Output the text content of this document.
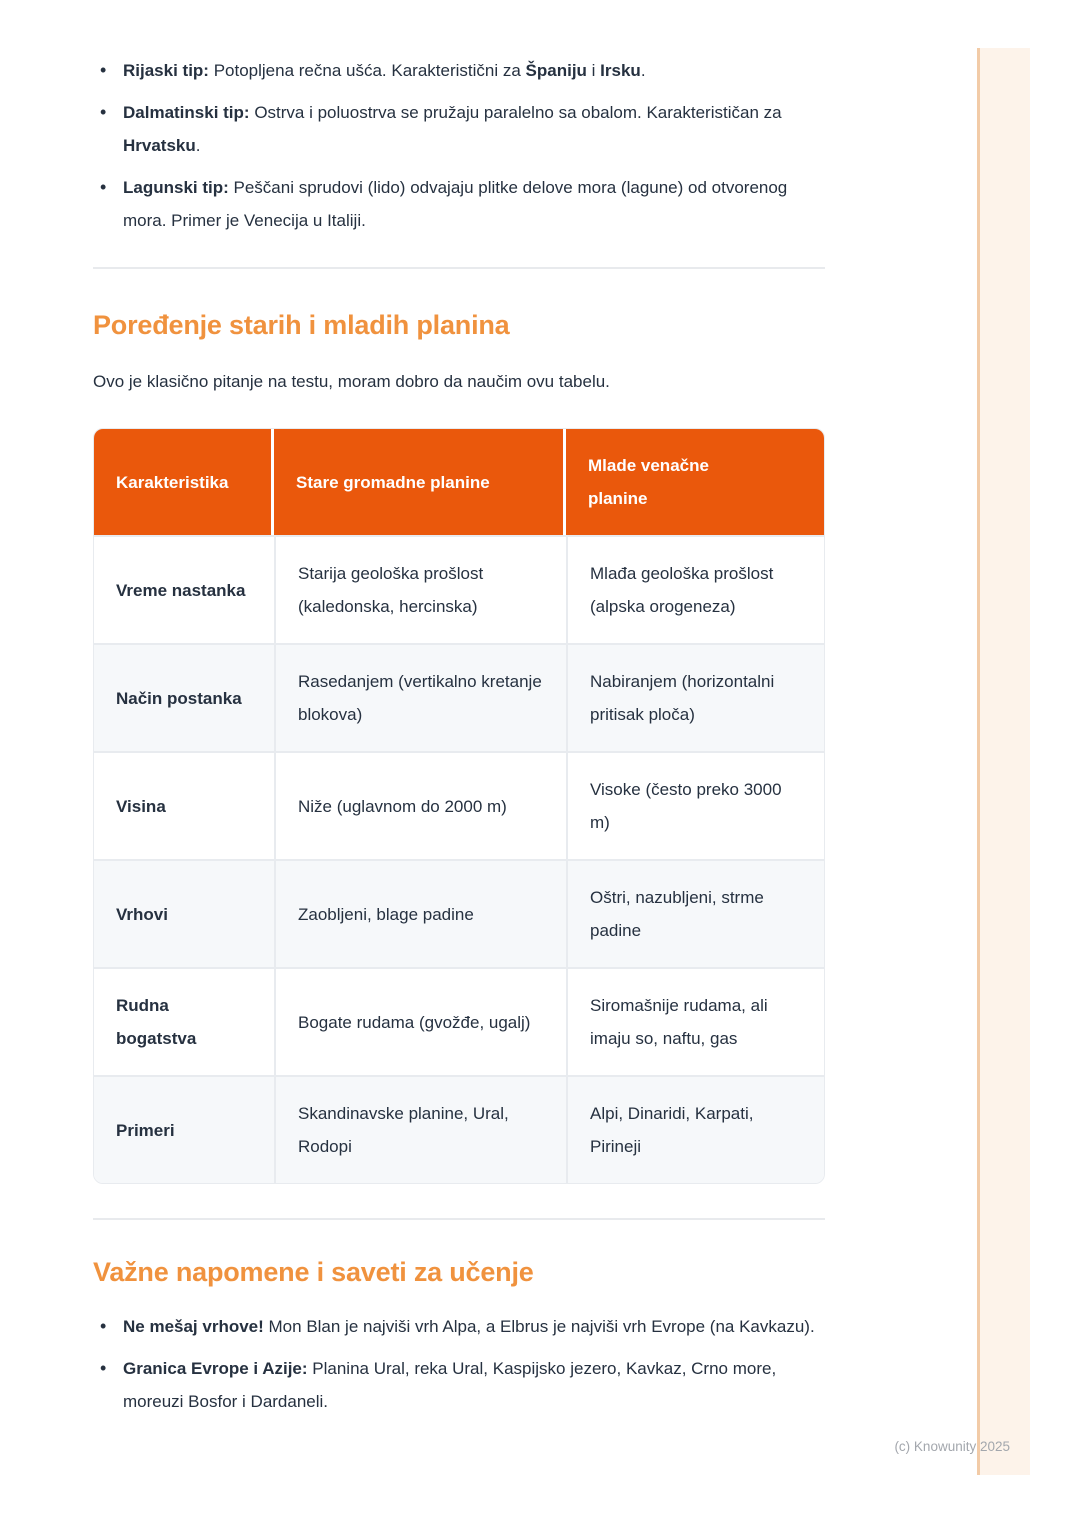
• Rijaski tip: Potopljena rečna ušća. Karakteristični za Španiju i Irsku.
• Dalmatinski tip: Ostrva i poluostrva se pružaju paralelno sa obalom. Karakterističan za Hrvatsku.
• Lagunski tip: Peščani sprudovi (lido) odvajaju plitke delove mora (lagune) od otvorenog mora. Primer je Venecija u Italiji.
Poređenje starih i mladih planina

Ovo je klasično pitanje na testu, moram dobro da naučim ovu tabelu.

Karakteristika	Stare gromadne planine	Mlade venačne planine
Vreme nastanka	Starija geološka prošlost (kaledonska, hercinska)	Mlađa geološka prošlost (alpska orogeneza)
Način postanka	Rasedanjem (vertikalno kretanje blokova)	Nabiranjem (horizontalni pritisak ploča)
Visina	Niže (uglavnom do 2000 m)	Visoke (često preko 3000 m)
Vrhovi	Zaobljeni, blage padine	Oštri, nazubljeni, strme padine
Rudna bogatstva	Bogate rudama (gvožđe, ugalj)	Siromašnije rudama, ali imaju so, naftu, gas
Primeri	Skandinavske planine, Ural, Rodopi	Alpi, Dinaridi, Karpati, Pirineji
Važne napomene i saveti za učenje
• Ne mešaj vrhove! Mon Blan je najviši vrh Alpa, a Elbrus je najviši vrh Evrope (na Kavkazu).
• Granica Evrope i Azije: Planina Ural, reka Ural, Kaspijsko jezero, Kavkaz, Crno more, moreuzi Bosfor i Dardaneli.
(c) Knowunity 2025
